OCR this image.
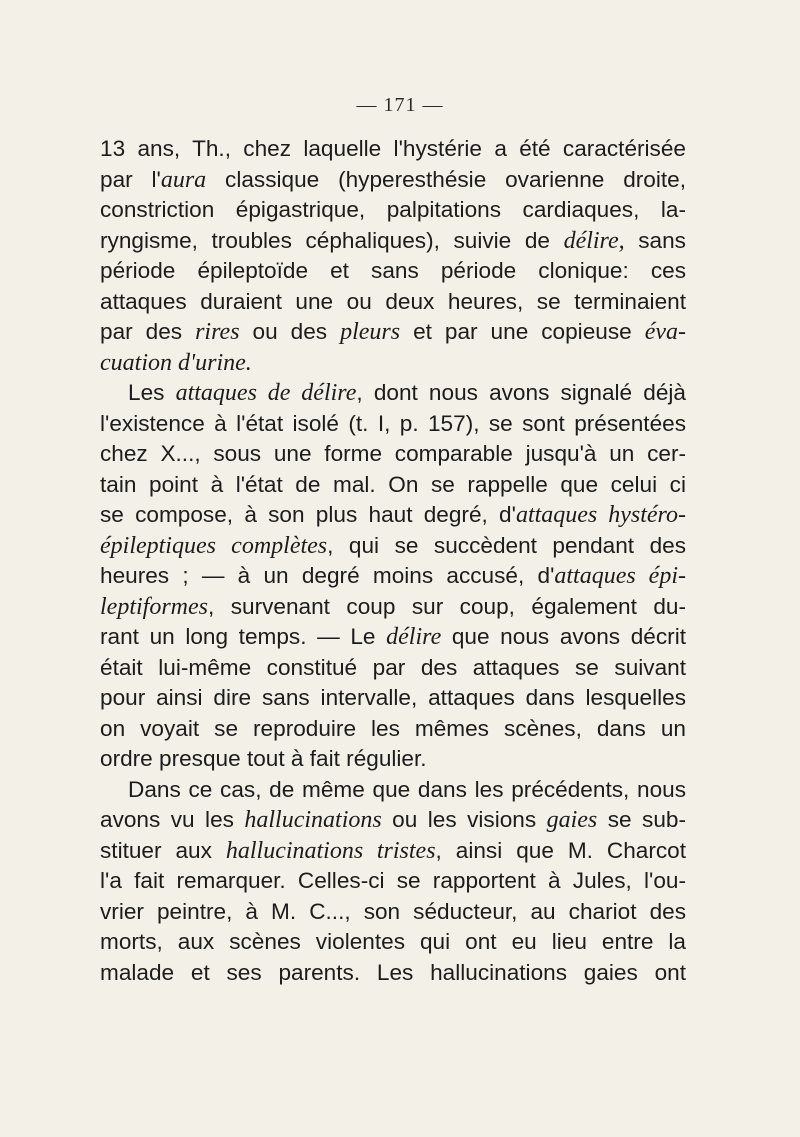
— 171 —
13 ans, Th., chez laquelle l'hystérie a été caractérisée
par l'aura classique (hyperesthésie ovarienne droite,
constriction épigastrique, palpitations cardiaques, la-
ryngisme, troubles céphaliques), suivie de délire, sans
période épileptoïde et sans période clonique: ces
attaques duraient une ou deux heures, se terminaient
par des rires ou des pleurs et par une copieuse éva-
cuation d'urine.
Les attaques de délire, dont nous avons signalé déjà
l'existence à l'état isolé (t. I, p. 157), se sont présentées
chez X..., sous une forme comparable jusqu'à un cer-
tain point à l'état de mal. On se rappelle que celui ci
se compose, à son plus haut degré, d'attaques hystéro-
épileptiques complètes, qui se succèdent pendant des
heures ; — à un degré moins accusé, d'attaques épi-
leptiformes, survenant coup sur coup, également du-
rant un long temps. — Le délire que nous avons décrit
était lui-même constitué par des attaques se suivant
pour ainsi dire sans intervalle, attaques dans lesquelles
on voyait se reproduire les mêmes scènes, dans un
ordre presque tout à fait régulier.
Dans ce cas, de même que dans les précédents, nous
avons vu les hallucinations ou les visions gaies se sub-
stituer aux hallucinations tristes, ainsi que M. Charcot
l'a fait remarquer. Celles-ci se rapportent à Jules, l'ou-
vrier peintre, à M. C..., son séducteur, au chariot des
morts, aux scènes violentes qui ont eu lieu entre la
malade et ses parents. Les hallucinations gaies ont
